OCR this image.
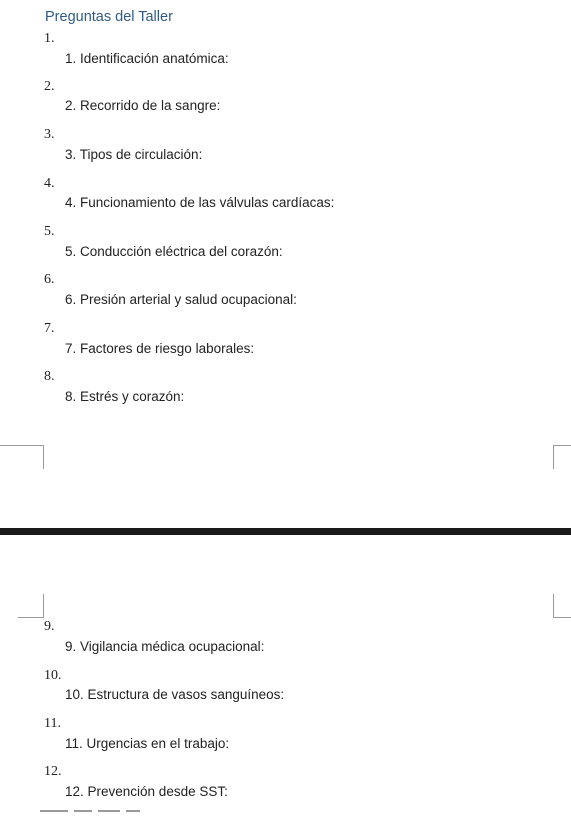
Preguntas del Taller
1.
1. Identificación anatómica:
2.
2. Recorrido de la sangre:
3.
3. Tipos de circulación:
4.
4. Funcionamiento de las válvulas cardíacas:
5.
5. Conducción eléctrica del corazón:
6.
6. Presión arterial y salud ocupacional:
7.
7. Factores de riesgo laborales:
8.
8. Estrés y corazón:
9.
9. Vigilancia médica ocupacional:
10.
10. Estructura de vasos sanguíneos:
11.
11. Urgencias en el trabajo:
12.
12. Prevención desde SST:
